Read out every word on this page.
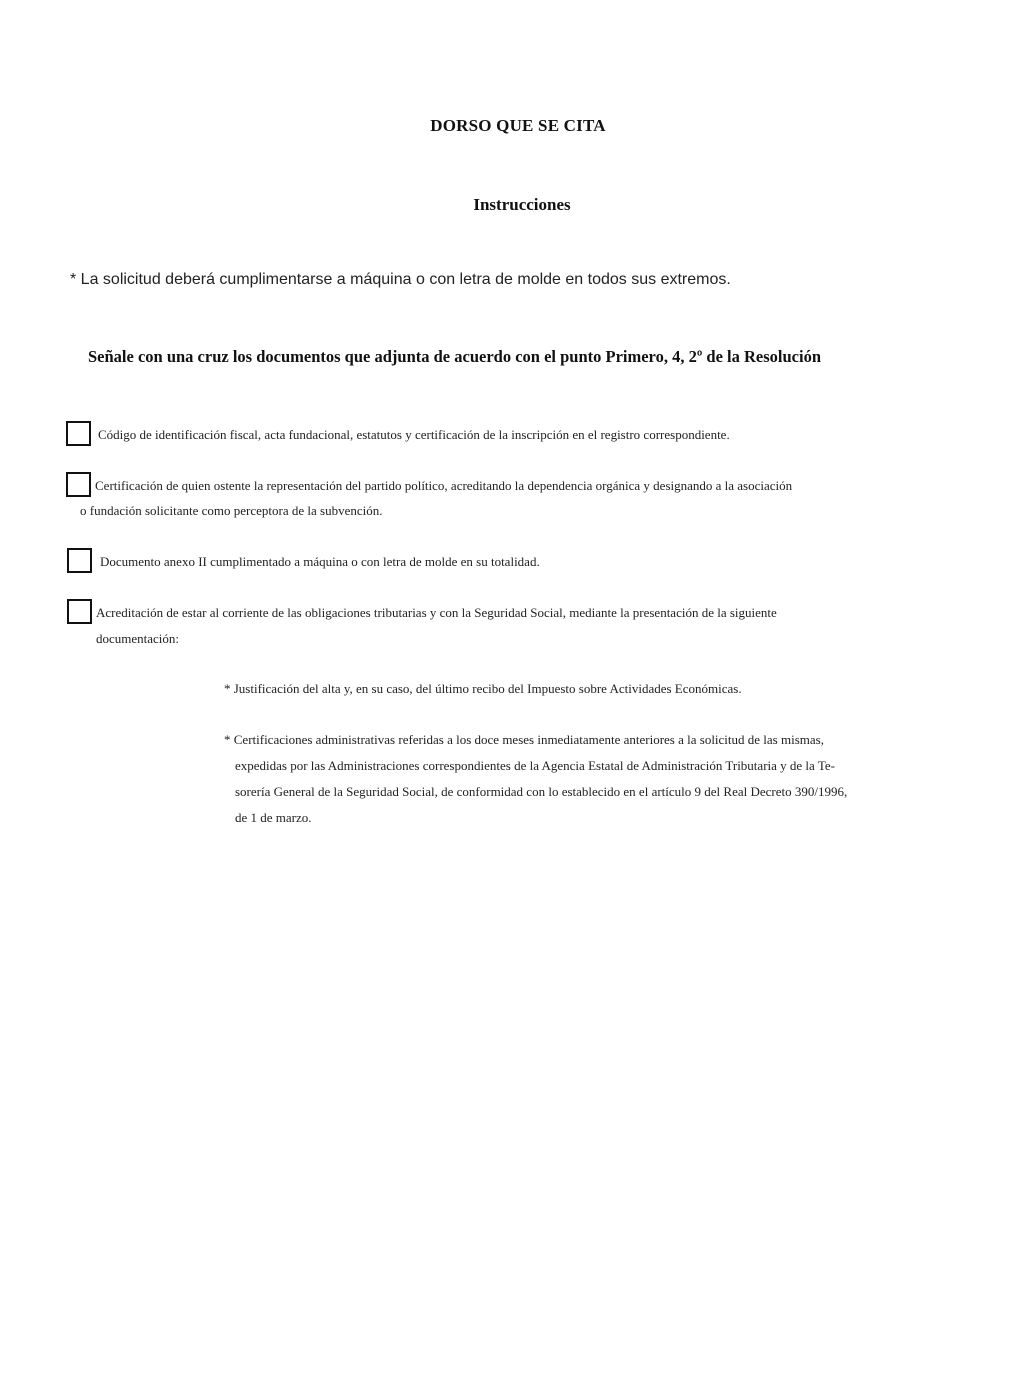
DORSO QUE SE CITA
Instrucciones
* La solicitud deberá cumplimentarse a máquina o con letra de molde en todos sus extremos.
Señale con una cruz los documentos que adjunta de acuerdo con el punto Primero, 4, 2º de la Resolución
Código de identificación fiscal, acta fundacional, estatutos y certificación de la inscripción en el registro correspondiente.
Certificación de quien ostente la representación del partido político, acreditando la dependencia orgánica y designando a la asociación
o fundación solicitante como perceptora de la subvención.
Documento anexo II cumplimentado a máquina o con letra de molde en su totalidad.
Acreditación de estar al corriente de las obligaciones tributarias y con la Seguridad Social, mediante la presentación de la siguiente
documentación:
* Justificación del alta y, en su caso, del último recibo del Impuesto sobre Actividades Económicas.
* Certificaciones administrativas referidas a los doce meses inmediatamente anteriores a la solicitud de las mismas,
expedidas por las Administraciones correspondientes de la Agencia Estatal de Administración Tributaria y de la Te-
sorería General de la Seguridad Social, de conformidad con lo establecido en el artículo 9 del Real Decreto 390/1996,
de 1 de marzo.
